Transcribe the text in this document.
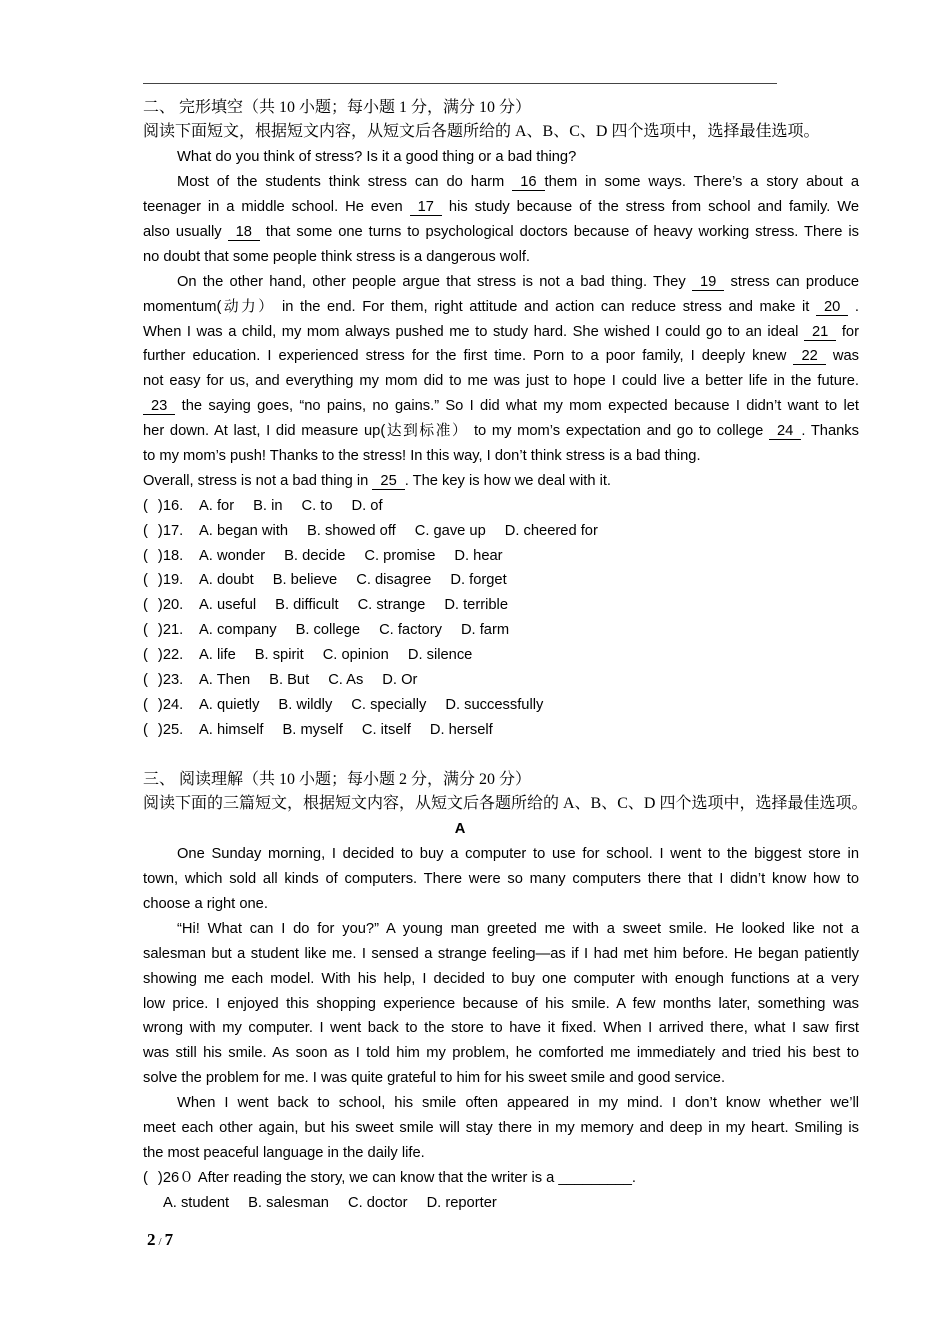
二、 完形填空（共 10 小题；每小题 1 分，满分 10 分）
阅读下面短文，根据短文内容，从短文后各题所给的 A、B、C、D 四个选项中，选择最佳选项。
What do you think of stress? Is it a good thing or a bad thing?
Most of the students think stress can do harm 16 them in some ways. There’s a story about a
teenager in a middle school. He even 17 his study because of the stress from school and family. We
also usually 18 that some one turns to psychological doctors because of heavy working stress. There is
no doubt that some people think stress is a dangerous wolf.
On the other hand, other people argue that stress is not a bad thing. They 19 stress can produce
momentum(动力） in the end. For them, right attitude and action can reduce stress and make it 20 .
When I was a child, my mom always pushed me to study hard. She wished I could go to an ideal 21 for
further education. I experienced stress for the first time. Porn to a poor family, I deeply knew 22 was
not easy for us, and everything my mom did to me was just to hope I could live a better life in the future.
23 the saying goes, “no pains, no gains.” So I did what my mom expected because I didn’t want to let
her down. At last, I did measure up(达到标准） to my mom’s expectation and go to college 24 . Thanks
to my mom’s push! Thanks to the stress! In this way, I don’t think stress is a bad thing.
Overall, stress is not a bad thing in 25 . The key is how we deal with it.
( )16. A. for B. in C. to D. of
( )17. A. began with B. showed off C. gave up D. cheered for
( )18. A. wonder B. decide C. promise D. hear
( )19. A. doubt B. believe C. disagree D. forget
( )20. A. useful B. difficult C. strange D. terrible
( )21. A. company B. college C. factory D. farm
( )22. A. life B. spirit C. opinion D. silence
( )23. A. Then B. But C. As D. Or
( )24. A. quietly B. wildly C. specially D. successfully
( )25. A. himself B. myself C. itself D. herself
三、 阅读理解（共 10 小题；每小题 2 分，满分 20 分）
阅读下面的三篇短文，根据短文内容，从短文后各题所给的 A、B、C、D 四个选项中，选择最佳选项。
A
One Sunday morning, I decided to buy a computer to use for school. I went to the biggest store in
town, which sold all kinds of computers. There were so many computers there that I didn’t know how to
choose a right one.
“Hi! What can I do for you?” A young man greeted me with a sweet smile. He looked like not a
salesman but a student like me. I sensed a strange feeling—as if I had met him before. He began patiently
showing me each model. With his help, I decided to buy one computer with enough functions at a very
low price. I enjoyed this shopping experience because of his smile. A few months later, something was
wrong with my computer. I went back to the store to have it fixed. When I arrived there, what I saw first
was still his smile. As soon as I told him my problem, he comforted me immediately and tried his best to
solve the problem for me. I was quite grateful to him for his sweet smile and good service.
When I went back to school, his smile often appeared in my mind. I don’t know whether we’ll
meet each other again, but his sweet smile will stay there in my memory and deep in my heart. Smiling is
the most peaceful language in the daily life.
( )26０ After reading the story, we can know that the writer is a _________.
A. student B. salesman C. doctor D. reporter
2 / 7
